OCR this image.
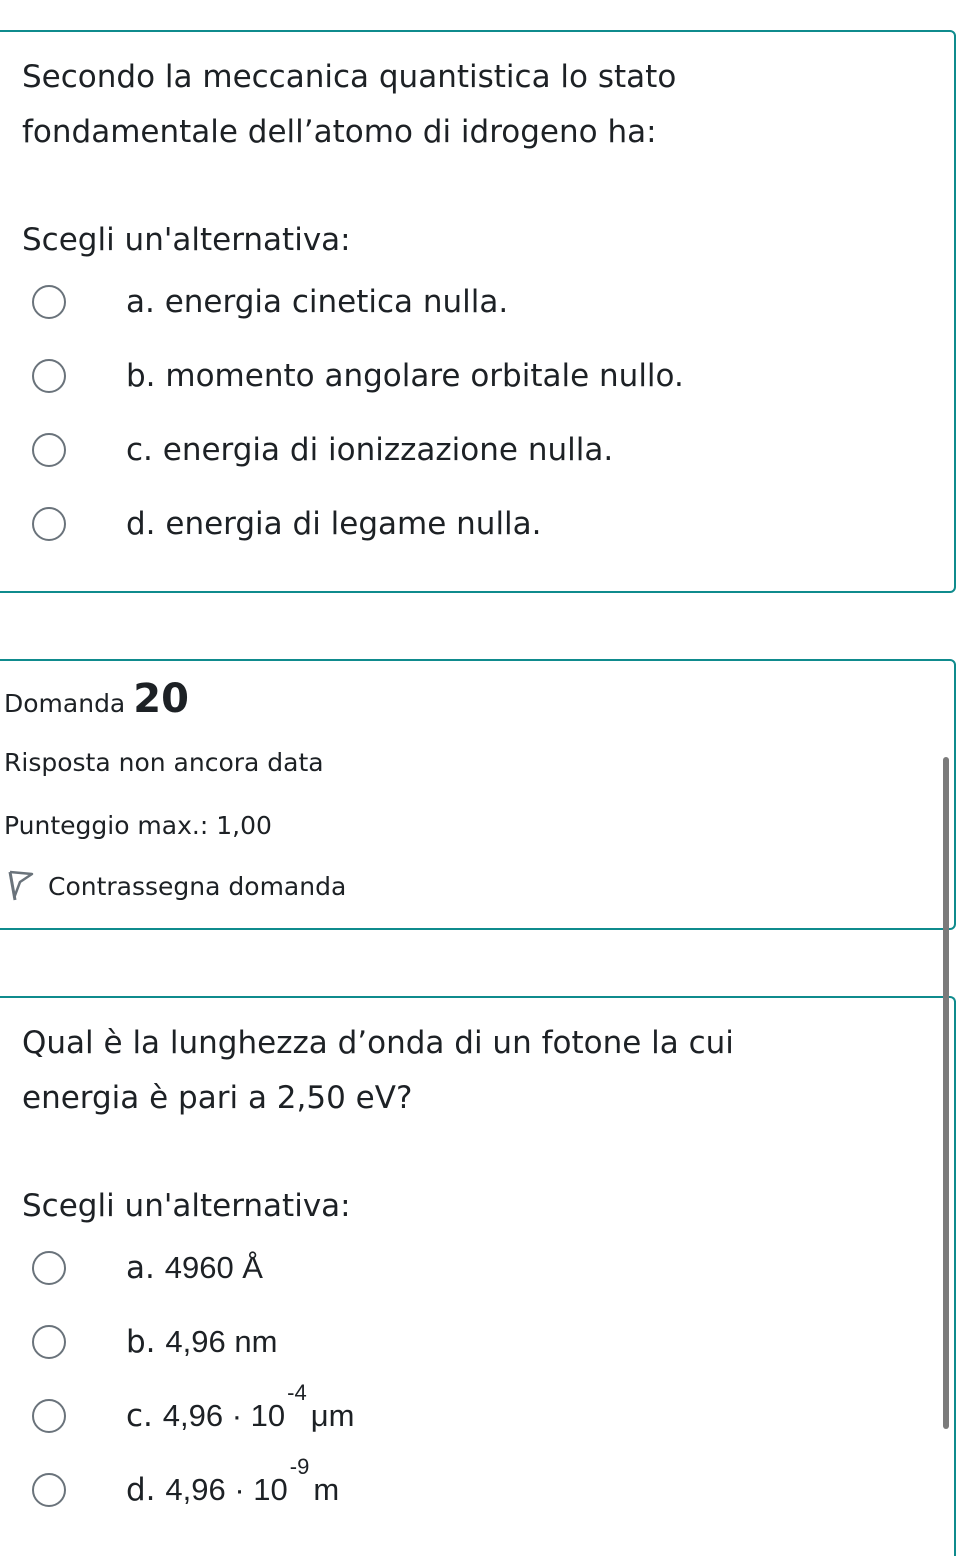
Secondo la meccanica quantistica lo stato
fondamentale dell’atomo di idrogeno ha:
Scegli un'alternativa:
a. energia cinetica nulla.
b. momento angolare orbitale nullo.
c. energia di ionizzazione nulla.
d. energia di legame nulla.
Domanda 20
Risposta non ancora data
Punteggio max.: 1,00
Contrassegna domanda
Qual è la lunghezza d’onda di un fotone la cui
energia è pari a 2,50 eV?
Scegli un'alternativa:
a. 4960 Å
b. 4,96 nm
c. $4,96 \cdot 10^{-4}\mu m$
d. $4,96 \cdot 10^{-9}m$
